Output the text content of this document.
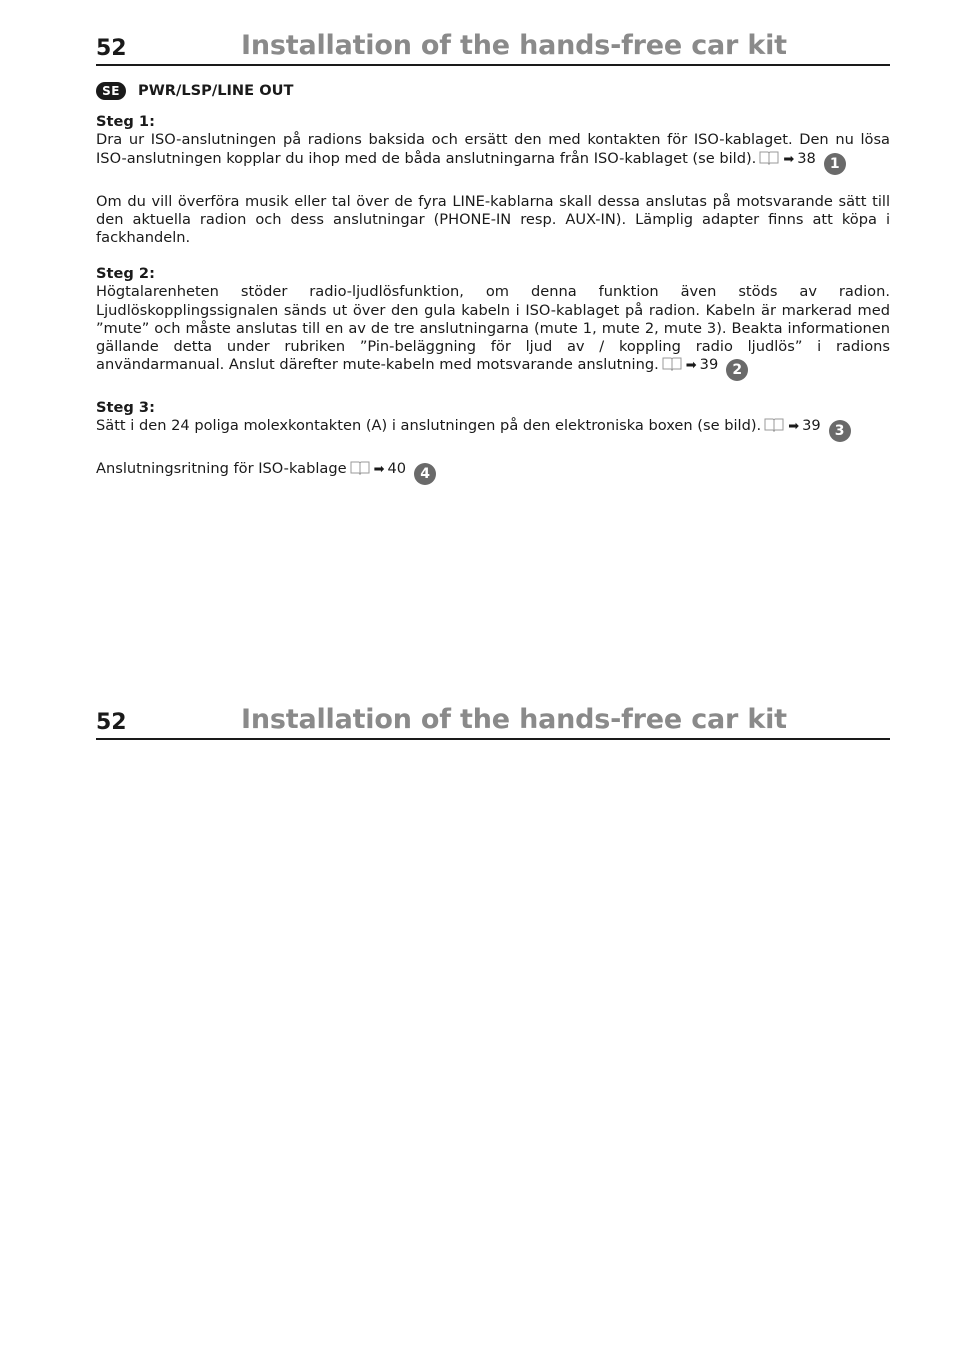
52	Installation of the hands-free car kit
SE	PWR/LSP/LINE OUT
Steg 1:

Dra ur ISO-anslutningen på radions baksida och ersätt den med kontakten för ISO-kablaget. Den nu lösa ISO-anslutningen kopplar du ihop med de båda anslutningarna från ISO-kablaget (se bild). ➡ 38 1

Om du vill överföra musik eller tal över de fyra LINE-kablarna skall dessa anslutas på motsvarande sätt till den aktuella radion och dess anslutningar (PHONE-IN resp. AUX-IN). Lämplig adapter finns att köpa i fackhandeln.

Steg 2:

Högtalarenheten stöder radio-ljudlösfunktion, om denna funktion även stöds av radion. Ljudlöskopplingssignalen sänds ut över den gula kabeln i ISO-kablaget på radion. Kabeln är markerad med ”mute” och måste anslutas till en av de tre anslutningarna (mute 1, mute 2, mute 3). Beakta informationen gällande detta under rubriken ”Pin-beläggning för ljud av / koppling radio ljudlös” i radions användarmanual. Anslut därefter mute-kabeln med motsvarande anslutning. ➡ 39 2

Steg 3:

Sätt i den 24 poliga molexkontakten (A) i anslutningen på den elektroniska boxen (se bild). ➡ 39 3

Anslutningsritning för ISO-kablage ➡ 40 4

52	Installation of the hands-free car kit
